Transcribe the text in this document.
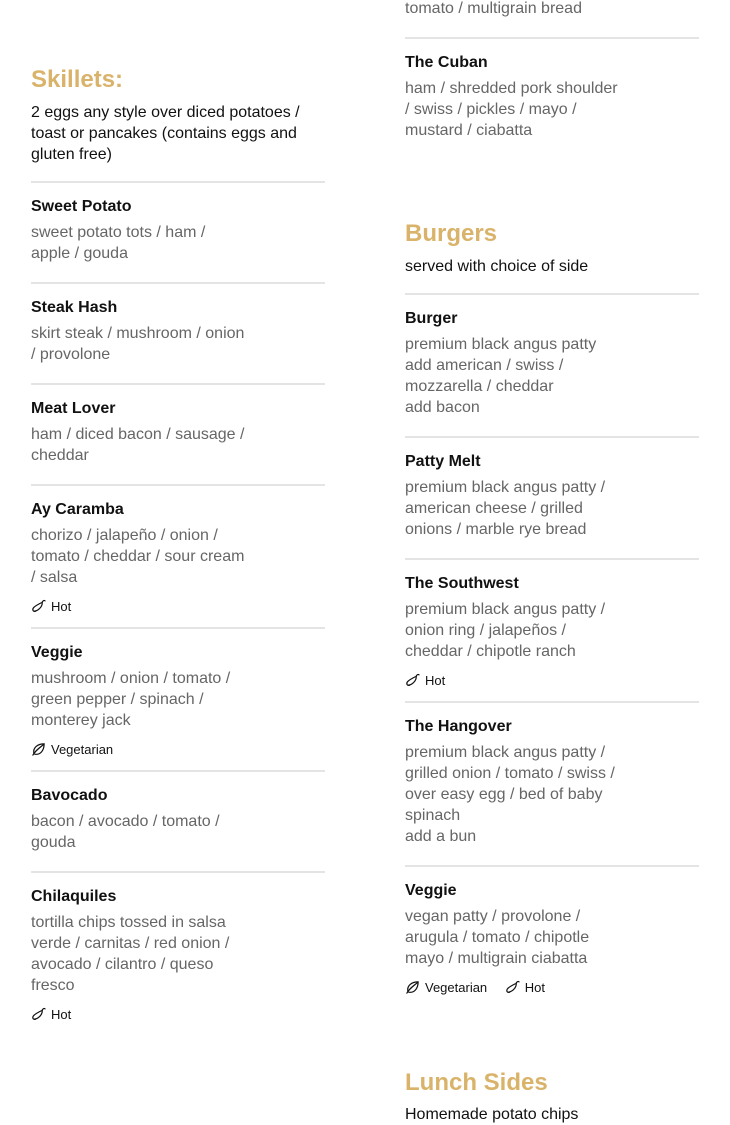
Skillets:

2 eggs any style over diced potatoes / toast or pancakes (contains eggs and gluten free)

Sweet Potato
sweet potato tots / ham /
apple / gouda
Steak Hash
skirt steak / mushroom / onion
/ provolone
Meat Lover
ham / diced bacon / sausage /
cheddar
Ay Caramba
chorizo / jalapeño / onion /
tomato / cheddar / sour cream
/ salsa
Hot
Veggie
mushroom / onion / tomato /
green pepper / spinach /
monterey jack
Vegetarian
Bavocado
bacon / avocado / tomato /
gouda
Chilaquiles
tortilla chips tossed in salsa
verde / carnitas / red onion /
avocado / cilantro / queso
fresco
Hot
tomato / multigrain bread
The Cuban
ham / shredded pork shoulder
/ swiss / pickles / mayo /
mustard / ciabatta
Burgers

served with choice of side

Burger
premium black angus patty
add american / swiss /
mozzarella / cheddar
add bacon
Patty Melt
premium black angus patty /
american cheese / grilled
onions / marble rye bread
The Southwest
premium black angus patty /
onion ring / jalapeños /
cheddar / chipotle ranch
Hot
The Hangover
premium black angus patty /
grilled onion / tomato / swiss /
over easy egg / bed of baby
spinach
add a bun
Veggie
vegan patty / provolone /
arugula / tomato / chipotle
mayo / multigrain ciabatta
Vegetarian	Hot
Lunch Sides

Homemade potato chips
